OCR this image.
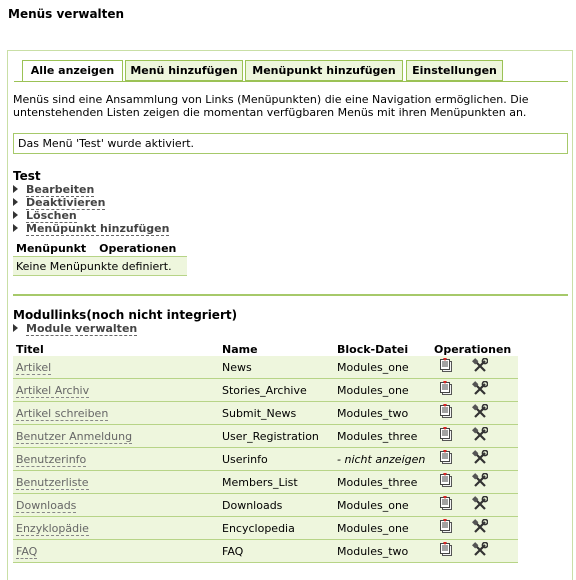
Menüs verwalten
Alle anzeigen	Menü hinzufügen	Menüpunkt hinzufügen	Einstellungen
Menüs sind eine Ansammlung von Links (Menüpunkten) die eine Navigation ermöglichen. Die untenstehenden Listen zeigen die momentan verfügbaren Menüs mit ihren Menüpunkten an.
Das Menü 'Test' wurde aktiviert.
Test
Bearbeiten
Deaktivieren
Löschen
Menüpunkt hinzufügen
Menüpunkt	Operationen
Keine Menüpunkte definiert.
Modullinks(noch nicht integriert)
Module verwalten
Titel	Name	Block-Datei	Operationen
Artikel	News	Modules_one	

Artikel Archiv	Stories_Archive	Modules_one	

Artikel schreiben	Submit_News	Modules_two	

Benutzer Anmeldung	User_Registration	Modules_three	

Benutzerinfo	Userinfo	- nicht anzeigen	

Benutzerliste	Members_List	Modules_three	

Downloads	Downloads	Modules_one	

Enzyklopädie	Encyclopedia	Modules_one	

FAQ	FAQ	Modules_two	
